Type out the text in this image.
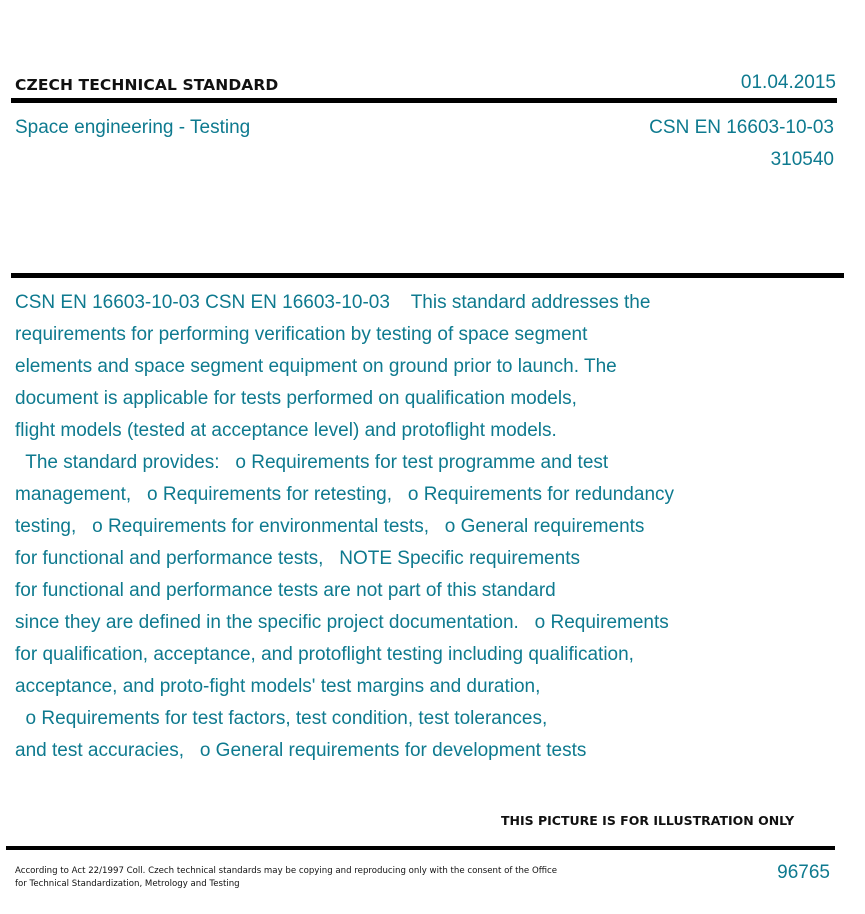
CZECH TECHNICAL STANDARD	01.04.2015
Space engineering - Testing	CSN EN 16603-10-03
310540
CSN EN 16603-10-03 CSN EN 16603-10-03    This standard addresses the
requirements for performing verification by testing of space segment
elements and space segment equipment on ground prior to launch. The
document is applicable for tests performed on qualification models,
flight models (tested at acceptance level) and protoflight models.
The standard provides:   o Requirements for test programme and test
management,   o Requirements for retesting,   o Requirements for redundancy
testing,   o Requirements for environmental tests,   o General requirements
for functional and performance tests,   NOTE Specific requirements
for functional and performance tests are not part of this standard
since they are defined in the specific project documentation.   o Requirements
for qualification, acceptance, and protoflight testing including qualification,
acceptance, and proto-fight models' test margins and duration,
o Requirements for test factors, test condition, test tolerances,
and test accuracies,   o General requirements for development tests
THIS PICTURE IS FOR ILLUSTRATION ONLY
According to Act 22/1997 Coll. Czech technical standards may be copying and reproducing only with the consent of the Office
for Technical Standardization, Metrology and Testing
96765
